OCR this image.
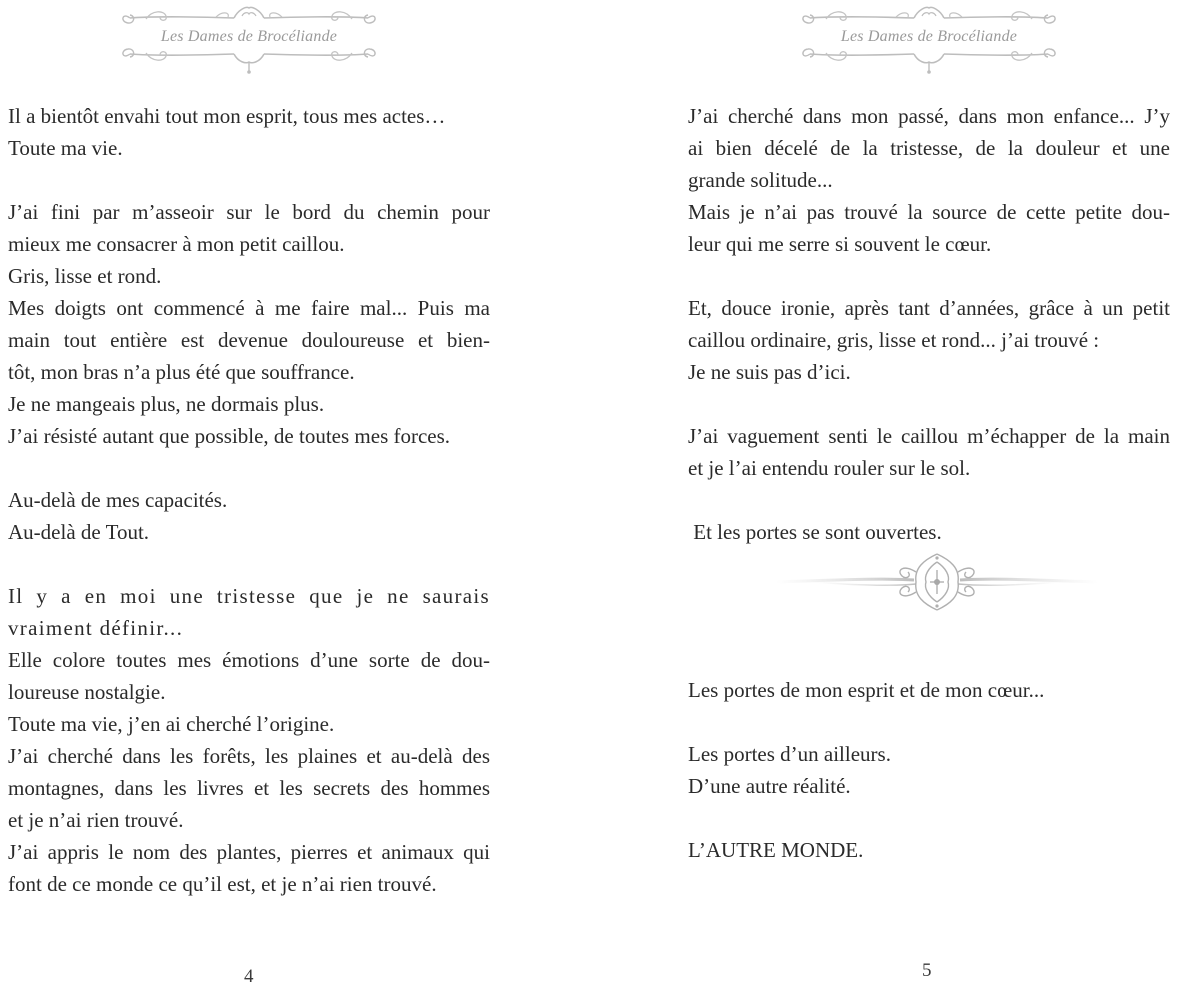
Les Dames de Brocéliande
Il a bientôt envahi tout mon esprit, tous mes actes…
Toute ma vie.
J’ai fini par m’asseoir sur le bord du chemin pour
mieux me consacrer à mon petit caillou.
Gris, lisse et rond.
Mes doigts ont commencé à me faire mal... Puis ma
main tout entière est devenue douloureuse et bien-
tôt, mon bras n’a plus été que souffrance.
Je ne mangeais plus, ne dormais plus.
J’ai résisté autant que possible, de toutes mes forces.
Au-delà de mes capacités.
Au-delà de Tout.
Il y a en moi une tristesse que je ne saurais
vraiment définir...
Elle colore toutes mes émotions d’une sorte de dou-
loureuse nostalgie.
Toute ma vie, j’en ai cherché l’origine.
J’ai cherché dans les forêts, les plaines et au-delà des
montagnes, dans les livres et les secrets des hommes
et je n’ai rien trouvé.
J’ai appris le nom des plantes, pierres et animaux qui
font de ce monde ce qu’il est, et je n’ai rien trouvé.
4
Les Dames de Brocéliande
J’ai cherché dans mon passé, dans mon enfance... J’y
ai bien décelé de la tristesse, de la douleur et une
grande solitude...
Mais je n’ai pas trouvé la source de cette petite dou-
leur qui me serre si souvent le cœur.
Et, douce ironie, après tant d’années, grâce à un petit
caillou ordinaire, gris, lisse et rond... j’ai trouvé :
Je ne suis pas d’ici.
J’ai vaguement senti le caillou m’échapper de la main
et je l’ai entendu rouler sur le sol.
Et les portes se sont ouvertes.
Les portes de mon esprit et de mon cœur...
Les portes d’un ailleurs.
D’une autre réalité.
L’AUTRE MONDE.
5
